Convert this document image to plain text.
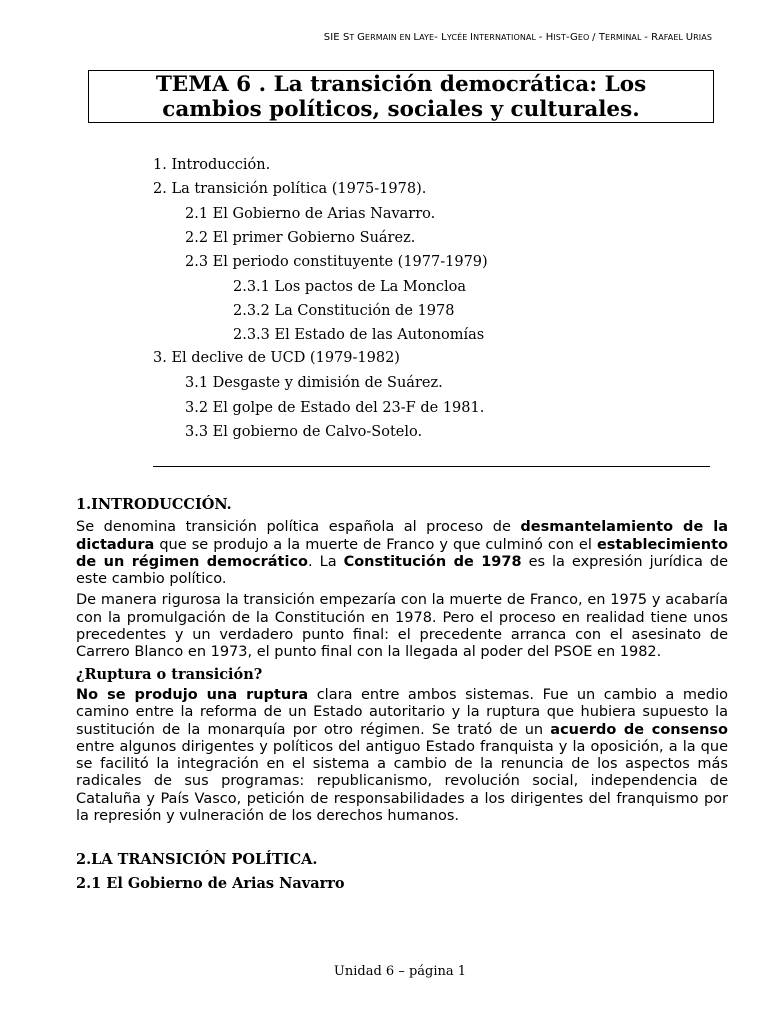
SIE ST GERMAIN EN LAYE- LYCÉE INTERNATIONAL - HIST-GEO / TERMINAL - RAFAEL URIAS
TEMA 6 . La transición democrática: Los
cambios políticos, sociales y culturales.
1. Introducción.
2. La transición política (1975-1978).
2.1 El Gobierno de Arias Navarro.
2.2 El primer Gobierno Suárez.
2.3 El periodo constituyente (1977-1979)
2.3.1 Los pactos de La Moncloa
2.3.2 La Constitución de 1978
2.3.3 El Estado de las Autonomías
3. El declive de UCD (1979-1982)
3.1 Desgaste y dimisión de Suárez.
3.2 El golpe de Estado del 23-F de 1981.
3.3 El gobierno de Calvo-Sotelo.
1.INTRODUCCIÓN.

Se denomina transición política española al proceso de desmantelamiento de la dictadura que se produjo a la muerte de Franco y que culminó con el establecimiento de un régimen democrático. La Constitución de 1978 es la expresión jurídica de este cambio político.

De manera rigurosa la transición empezaría con la muerte de Franco, en 1975 y acabaría con la promulgación de la Constitución en 1978. Pero el proceso en realidad tiene unos precedentes y un verdadero punto final: el precedente arranca con el asesinato de Carrero Blanco en 1973, el punto final con la llegada al poder del PSOE en 1982.

¿Ruptura o transición?

No se produjo una ruptura clara entre ambos sistemas. Fue un cambio a medio camino entre la reforma de un Estado autoritario y la ruptura que hubiera supuesto la sustitución de la monarquía por otro régimen. Se trató de un acuerdo de consenso entre algunos dirigentes y políticos del antiguo Estado franquista y la oposición, a la que se facilitó la integración en el sistema a cambio de la renuncia de los aspectos más radicales de sus programas: republicanismo, revolución social, independencia de Cataluña y País Vasco, petición de responsabilidades a los dirigentes del franquismo por la represión y vulneración de los derechos humanos.

2.LA TRANSICIÓN POLÍTICA.
2.1 El Gobierno de Arias Navarro
Unidad 6 – página 1
